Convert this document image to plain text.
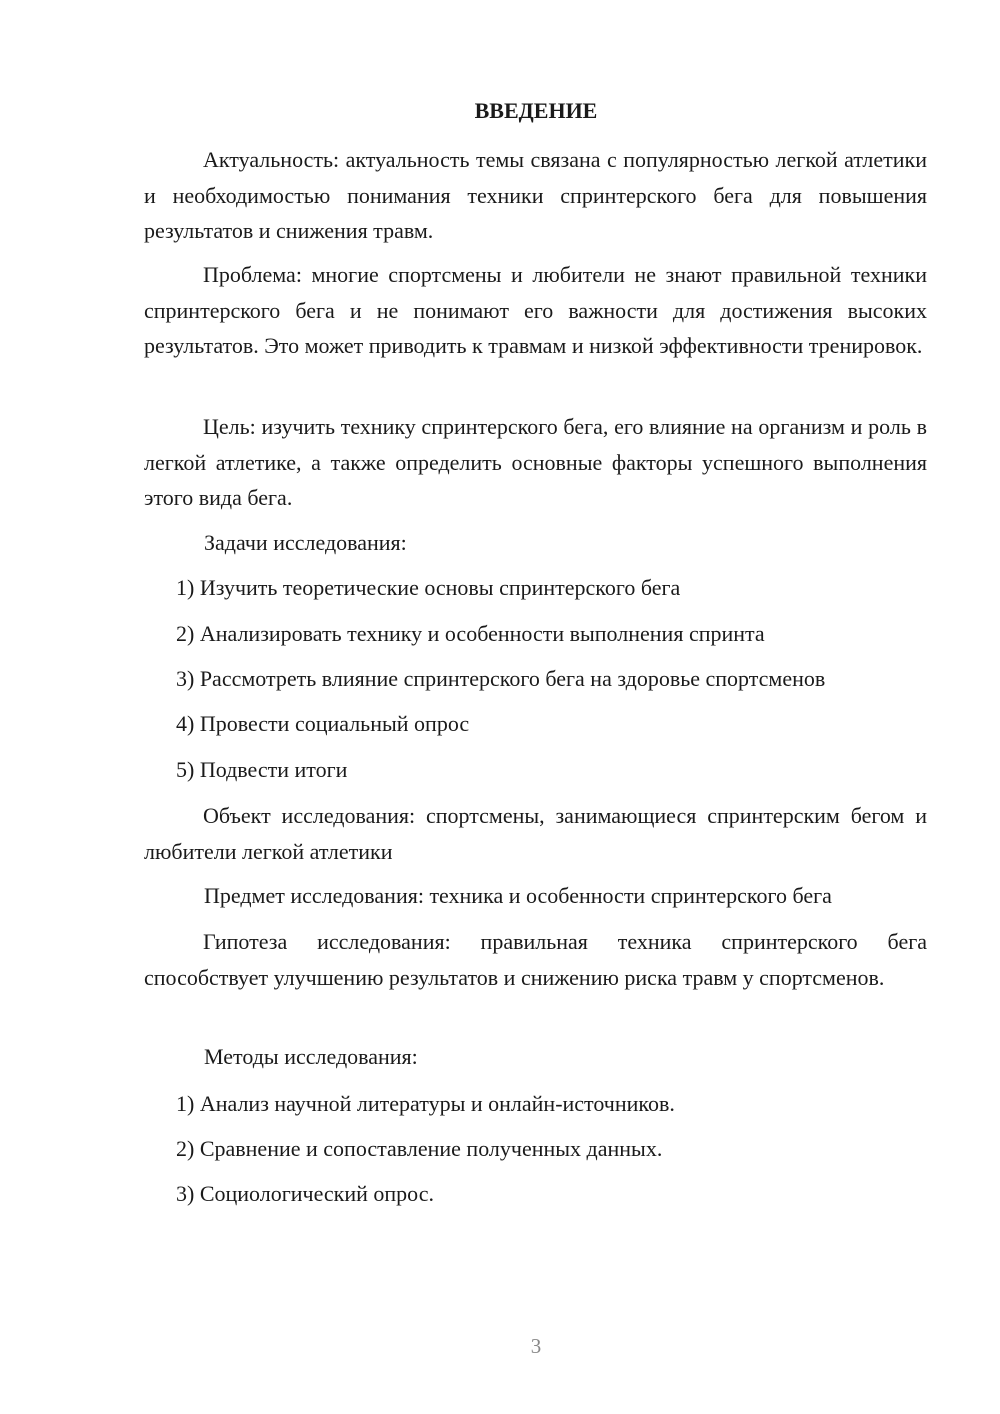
ВВЕДЕНИЕ

Актуальность: актуальность темы связана с популярностью легкой атлетики и необходимостью понимания техники спринтерского бега для повышения результатов и снижения травм.

Проблема: многие спортсмены и любители не знают правильной техники спринтерского бега и не понимают его важности для достижения высоких результатов. Это может приводить к травмам и низкой эффективности тренировок.

Цель: изучить технику спринтерского бега, его влияние на организм и роль в легкой атлетике, а также определить основные факторы успешного выполнения этого вида бега.

Задачи исследования:

1) Изучить теоретические основы спринтерского бега

2) Анализировать технику и особенности выполнения спринта

3) Рассмотреть влияние спринтерского бега на здоровье спортсменов

4) Провести социальный опрос

5) Подвести итоги

Объект исследования: спортсмены, занимающиеся спринтерским бегом и любители легкой атлетики

Предмет исследования: техника и особенности спринтерского бега

Гипотеза исследования: правильная техника спринтерского бега способствует улучшению результатов и снижению риска травм у спортсменов.

Методы исследования:

1) Анализ научной литературы и онлайн-источников.

2) Сравнение и сопоставление полученных данных.

3) Социологический опрос.

3
